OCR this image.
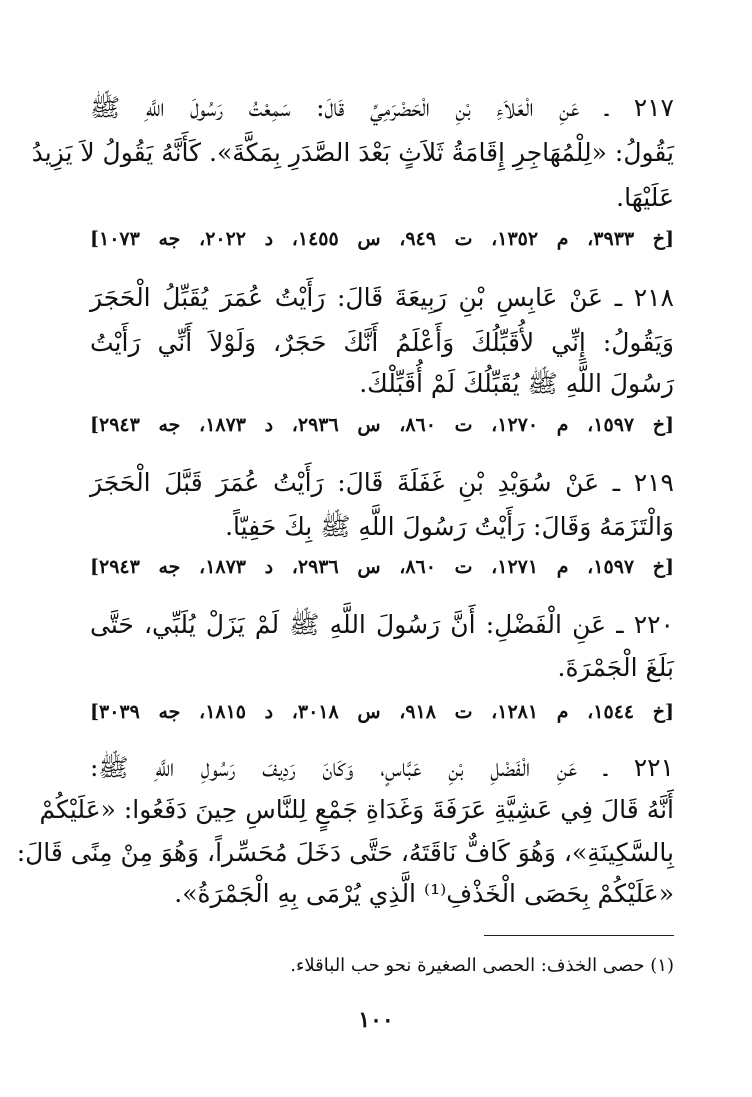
٢١٧ ـ عَنِ الْعَلاَءِ بْنِ الْحَضْرَمِيِّ قَالَ: سَمِعْتُ رَسُولَ اللَّهِ ﷺ
يَقُولُ: «لِلْمُهَاجِرِ إِقَامَةُ ثَلاَثٍ بَعْدَ الصَّدَرِ بِمَكَّةَ». كَأَنَّهُ يَقُولُ لاَ يَزِيدُ
عَلَيْهَا.
[خ ٣٩٣٣، م ١٣٥٢، ت ٩٤٩، س ١٤٥٥، د ٢٠٢٢، جه ١٠٧٣]
٢١٨ ـ عَنْ عَابِسِ بْنِ رَبِيعَةَ قَالَ: رَأَيْتُ عُمَرَ يُقَبِّلُ الْحَجَرَ
وَيَقُولُ: إِنِّي لأُقَبِّلُكَ وَأَعْلَمُ أَنَّكَ حَجَرٌ، وَلَوْلاَ أَنِّي رَأَيْتُ
رَسُولَ اللَّهِ ﷺ يُقَبِّلُكَ لَمْ أُقَبِّلْكَ.
[خ ١٥٩٧، م ١٢٧٠، ت ٨٦٠، س ٢٩٣٦، د ١٨٧٣، جه ٢٩٤٣]
٢١٩ ـ عَنْ سُوَيْدِ بْنِ غَفَلَةَ قَالَ: رَأَيْتُ عُمَرَ قَبَّلَ الْحَجَرَ
وَالْتَزَمَهُ وَقَالَ: رَأَيْتُ رَسُولَ اللَّهِ ﷺ بِكَ حَفِيّاً.
[خ ١٥٩٧، م ١٢٧١، ت ٨٦٠، س ٢٩٣٦، د ١٨٧٣، جه ٢٩٤٣]
٢٢٠ ـ عَنِ الْفَضْلِ: أَنَّ رَسُولَ اللَّهِ ﷺ لَمْ يَزَلْ يُلَبِّي، حَتَّى
بَلَغَ الْجَمْرَةَ.
[خ ١٥٤٤، م ١٢٨١، ت ٩١٨، س ٣٠١٨، د ١٨١٥، جه ٣٠٣٩]
٢٢١ ـ عَنِ الْفَضْلِ بْنِ عَبَّاسٍ، وَكَانَ رَدِيفَ رَسُولِ اللَّهِ ﷺ:
أَنَّهُ قَالَ فِي عَشِيَّةِ عَرَفَةَ وَغَدَاةِ جَمْعٍ لِلنَّاسِ حِينَ دَفَعُوا: «عَلَيْكُمْ
بِالسَّكِينَةِ»، وَهُوَ كَافٌّ نَاقَتَهُ، حَتَّى دَخَلَ مُحَسِّراً، وَهُوَ مِنْ مِنًى قَالَ:
«عَلَيْكُمْ بِحَصَى الْخَذْفِ⁽¹⁾ الَّذِي يُرْمَى بِهِ الْجَمْرَةُ».
(١) حصى الخذف: الحصى الصغيرة نحو حب الباقلاء.
١٠٠
